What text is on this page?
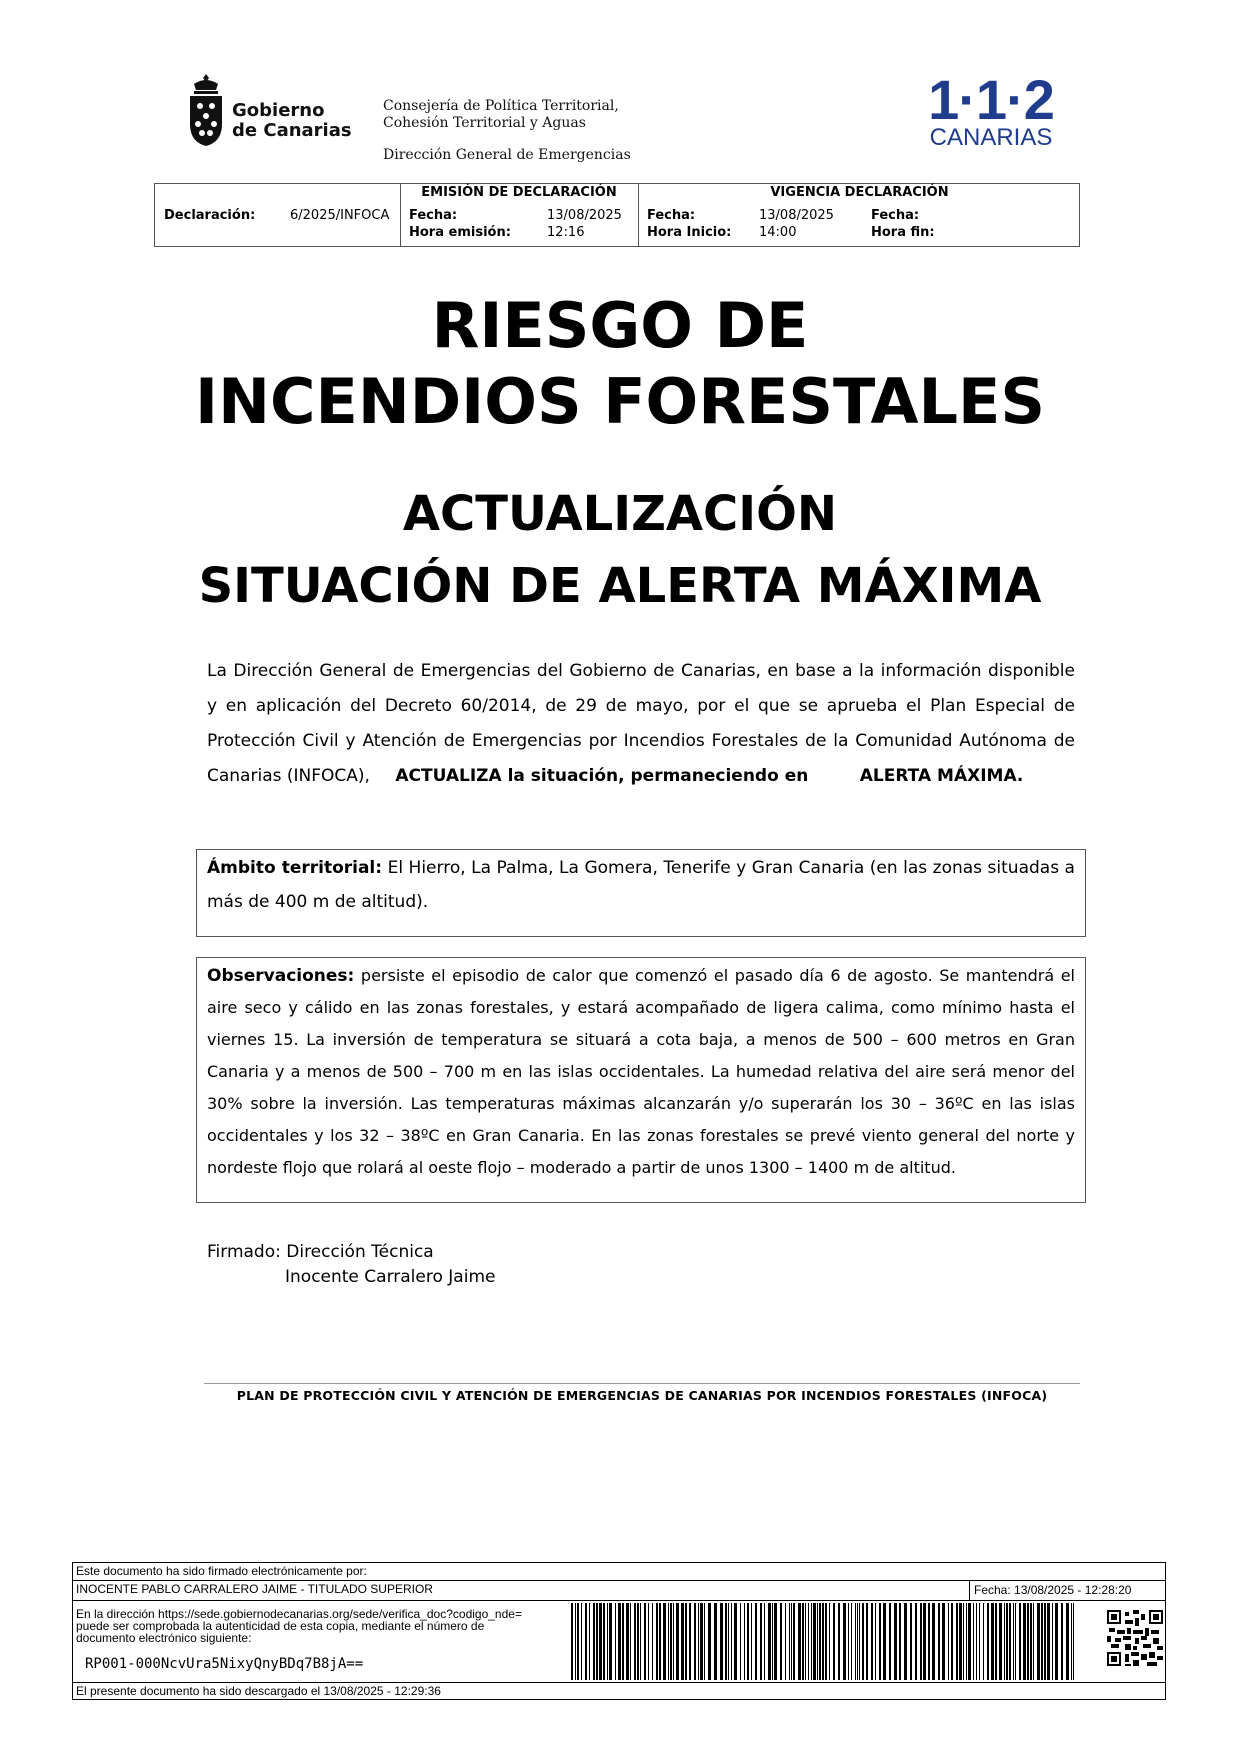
Gobierno
de Canarias
Consejería de Política Territorial,
Cohesión Territorial y Aguas
Dirección General de Emergencias
1·1·2
CANARIAS
Declaración:	6/2025/INFOCA
EMISIÓN DE DECLARACIÓN
Fecha:	13/08/2025
Hora emisión:	12:16
VIGENCIA DECLARACIÓN
Fecha:	13/08/2025
Hora Inicio: 14:00
Fecha:
Hora fin:
RIESGO DE
INCENDIOS FORESTALES
ACTUALIZACIÓN
SITUACIÓN DE ALERTA MÁXIMA
La Dirección General de Emergencias del Gobierno de Canarias, en base a la información disponible y en aplicación del Decreto 60/2014, de 29 de mayo, por el que se aprueba el Plan Especial de Protección Civil y Atención de Emergencias por Incendios Forestales de la Comunidad Autónoma de Canarias (INFOCA), ACTUALIZA la situación, permaneciendo en	ALERTA MÁXIMA.
Ámbito territorial: El Hierro, La Palma, La Gomera, Tenerife y Gran Canaria (en las zonas situadas a más de 400 m de altitud).
Observaciones: persiste el episodio de calor que comenzó el pasado día 6 de agosto. Se mantendrá el aire seco y cálido en las zonas forestales, y estará acompañado de ligera calima, como mínimo hasta el viernes 15. La inversión de temperatura se situará a cota baja, a menos de 500 – 600 metros en Gran Canaria y a menos de 500 – 700 m en las islas occidentales. La humedad relativa del aire será menor del 30% sobre la inversión. Las temperaturas máximas alcanzarán y/o superarán los 30 – 36ºC en las islas occidentales y los 32 – 38ºC en Gran Canaria. En las zonas forestales se prevé viento general del norte y nordeste flojo que rolará al oeste flojo – moderado a partir de unos 1300 – 1400 m de altitud.
Firmado: Dirección Técnica
Inocente Carralero Jaime
PLAN DE PROTECCIÓN CIVIL Y ATENCIÓN DE EMERGENCIAS DE CANARIAS POR INCENDIOS FORESTALES (INFOCA)
Este documento ha sido firmado electrónicamente por:
INOCENTE PABLO CARRALERO JAIME - TITULADO SUPERIOR	Fecha: 13/08/2025 - 12:28:20
En la dirección https://sede.gobiernodecanarias.org/sede/verifica_doc?codigo_nde=
puede ser comprobada la autenticidad de esta copia, mediante el número de
documento electrónico siguiente:
RP001-000NcvUra5NixyQnyBDq7B8jA==
El presente documento ha sido descargado el 13/08/2025 - 12:29:36
